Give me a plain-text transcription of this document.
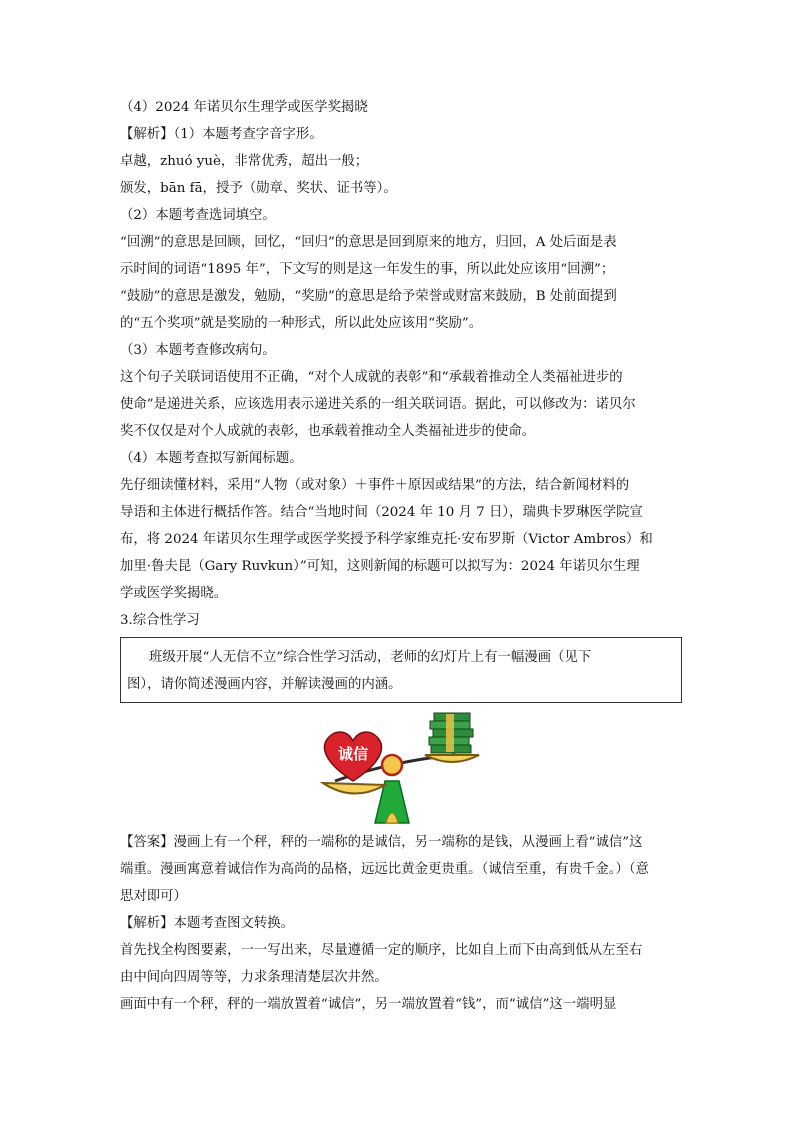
（4）2024 年诺贝尔生理学或医学奖揭晓
【解析】（1）本题考查字音字形。
卓越，zhuó yuè，非常优秀，超出一般；
颁发，bān fā，授予（勋章、奖状、证书等）。
（2）本题考查选词填空。
“回溯”的意思是回顾，回忆，“回归”的意思是回到原来的地方，归回，A 处后面是表
示时间的词语“1895 年”，下文写的则是这一年发生的事，所以此处应该用“回溯”；
“鼓励”的意思是激发，勉励，“奖励”的意思是给予荣誉或财富来鼓励，B 处前面提到
的“五个奖项”就是奖励的一种形式，所以此处应该用“奖励”。
（3）本题考查修改病句。
这个句子关联词语使用不正确，“对个人成就的表彰”和“承载着推动全人类福祉进步的
使命”是递进关系，应该选用表示递进关系的一组关联词语。据此，可以修改为：诺贝尔
奖不仅仅是对个人成就的表彰，也承载着推动全人类福祉进步的使命。
（4）本题考查拟写新闻标题。
先仔细读懂材料，采用“人物（或对象）＋事件＋原因或结果”的方法，结合新闻材料的
导语和主体进行概括作答。结合“当地时间（2024 年 10 月 7 日），瑞典卡罗琳医学院宣
布，将 2024 年诺贝尔生理学或医学奖授予科学家维克托·安布罗斯（Victor Ambros）和
加里·鲁夫昆（Gary Ruvkun）”可知，这则新闻的标题可以拟写为：2024 年诺贝尔生理
学或医学奖揭晓。
3.综合性学习
班级开展“人无信不立”综合性学习活动，老师的幻灯片上有一幅漫画（见下
图），请你简述漫画内容，并解读漫画的内涵。
诚信
【答案】漫画上有一个秤，秤的一端称的是诚信，另一端称的是钱，从漫画上看“诚信”这
端重。漫画寓意着诚信作为高尚的品格，远远比黄金更贵重。（诚信至重，有贵千金。）（意
思对即可）
【解析】本题考查图文转换。
首先找全构图要素，一一写出来，尽量遵循一定的顺序，比如自上而下由高到低从左至右
由中间向四周等等，力求条理清楚层次井然。
画面中有一个秤，秤的一端放置着“诚信”，另一端放置着“钱”，而“诚信”这一端明显
